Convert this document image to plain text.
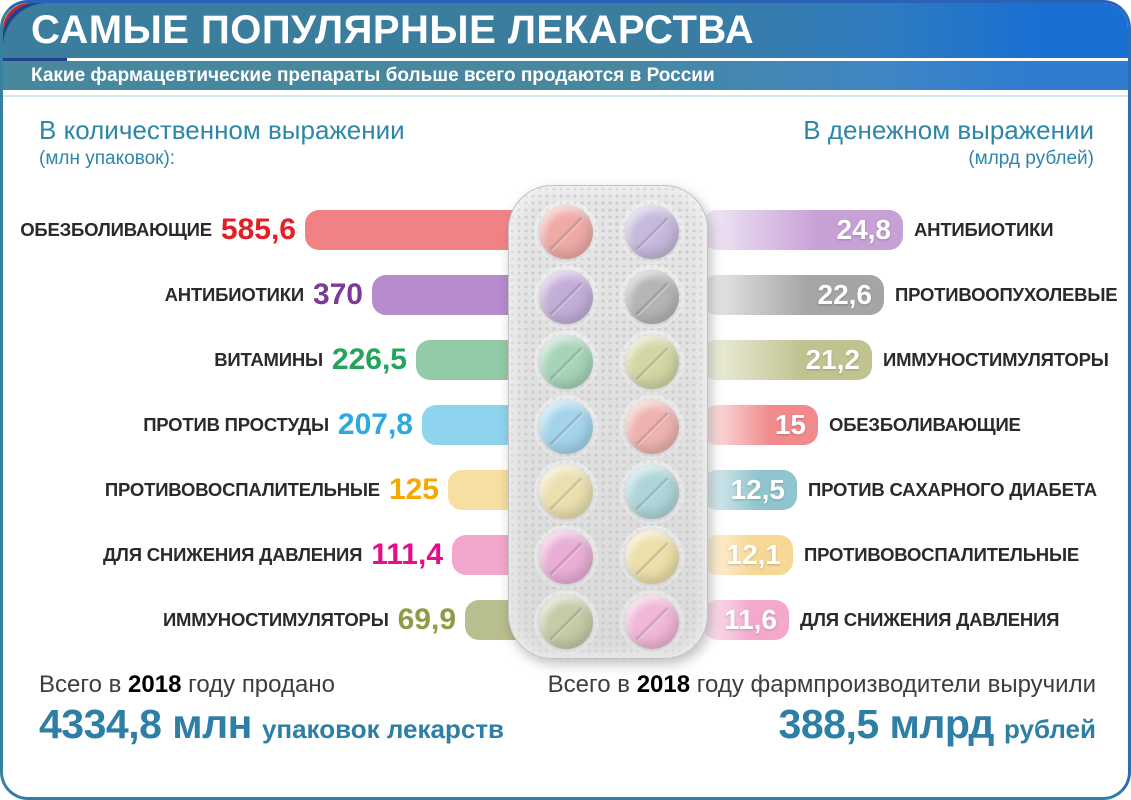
САМЫЕ ПОПУЛЯРНЫЕ ЛЕКАРСТВА
Какие фармацевтические препараты больше всего продаются в России
В количественном выражении
(млн упаковок):
В денежном выражении
(млрд рублей)
ОБЕЗБОЛИВАЮЩИЕ 585,6
АНТИБИОТИКИ 370
ВИТАМИНЫ 226,5
ПРОТИВ ПРОСТУДЫ 207,8
ПРОТИВОВОСПАЛИТЕЛЬНЫЕ 125
ДЛЯ СНИЖЕНИЯ ДАВЛЕНИЯ 111,4
ИММУНОСТИМУЛЯТОРЫ 69,9
24,8 АНТИБИОТИКИ
22,6 ПРОТИВООПУХОЛЕВЫЕ
21,2 ИММУНОСТИМУЛЯТОРЫ
15 ОБЕЗБОЛИВАЮЩИЕ
12,5 ПРОТИВ САХАРНОГО ДИАБЕТА
12,1 ПРОТИВОВОСПАЛИТЕЛЬНЫЕ
11,6 ДЛЯ СНИЖЕНИЯ ДАВЛЕНИЯ
Всего в 2018 году продано
4334,8 млн упаковок лекарств
Всего в 2018 году фармпроизводители выручили
388,5 млрд рублей
